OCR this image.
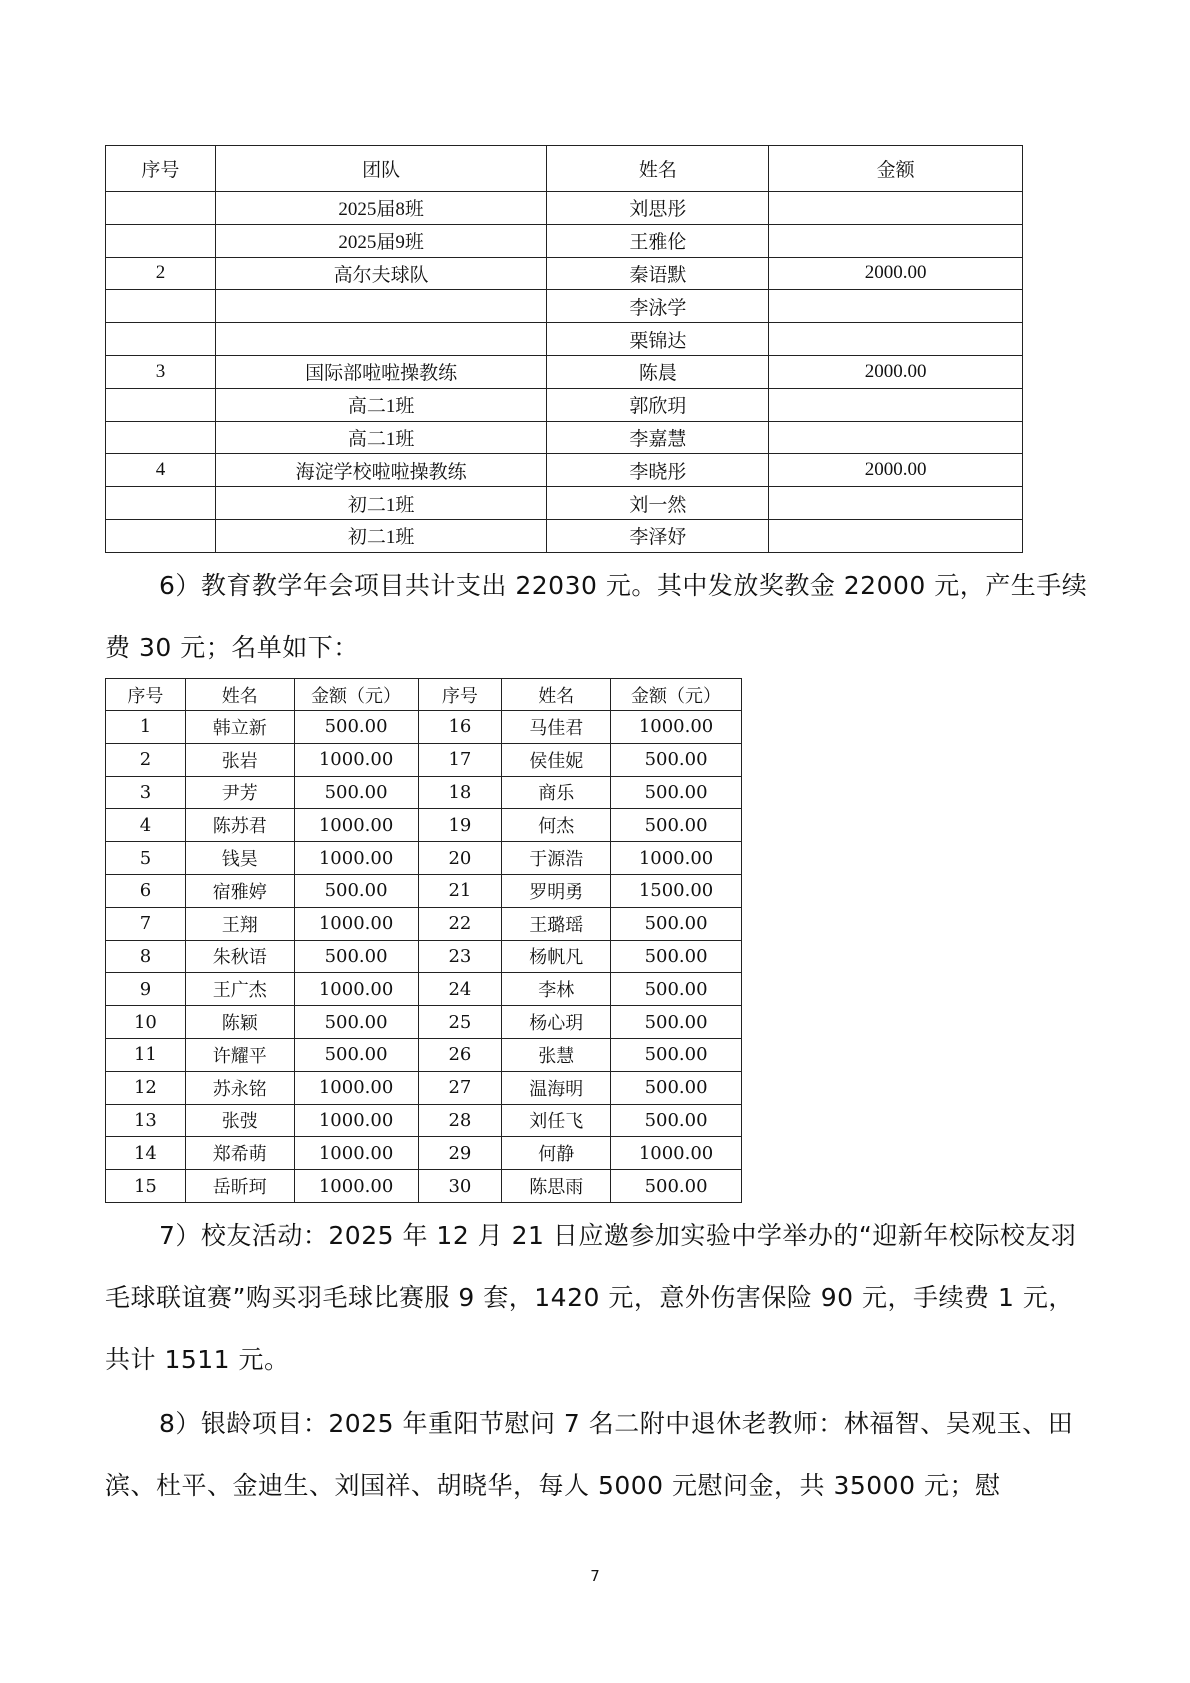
序号	团队	姓名	金额
	2025届8班	刘思彤	
	2025届9班	王雅伦	
2	高尔夫球队	秦语默	2000.00
		李泳学	
		栗锦达	
3	国际部啦啦操教练	陈晨	2000.00
	高二1班	郭欣玥	
	高二1班	李嘉慧	
4	海淀学校啦啦操教练	李晓彤	2000.00
	初二1班	刘一然	
	初二1班	李泽妤	

6）教育教学年会项目共计支出 22030 元。其中发放奖教金 22000 元，产生手续费 30 元；名单如下：

序号	姓名	金额（元）	序号	姓名	金额（元）
1	韩立新	500.00	16	马佳君	1000.00
2	张岩	1000.00	17	侯佳妮	500.00
3	尹芳	500.00	18	商乐	500.00
4	陈苏君	1000.00	19	何杰	500.00
5	钱昊	1000.00	20	于源浩	1000.00
6	宿雅婷	500.00	21	罗明勇	1500.00
7	王翔	1000.00	22	王璐瑶	500.00
8	朱秋语	500.00	23	杨帆凡	500.00
9	王广杰	1000.00	24	李林	500.00
10	陈颖	500.00	25	杨心玥	500.00
11	许耀平	500.00	26	张慧	500.00
12	苏永铭	1000.00	27	温海明	500.00
13	张弢	1000.00	28	刘任飞	500.00
14	郑希萌	1000.00	29	何静	1000.00
15	岳昕珂	1000.00	30	陈思雨	500.00

7）校友活动：2025 年 12 月 21 日应邀参加实验中学举办的“迎新年校际校友羽毛球联谊赛”购买羽毛球比赛服 9 套，1420 元，意外伤害保险 90 元，手续费 1 元，共计 1511 元。

8）银龄项目：2025 年重阳节慰问 7 名二附中退休老教师：林福智、吴观玉、田滨、杜平、金迪生、刘国祥、胡晓华，每人 5000 元慰问金，共 35000 元；慰

7
